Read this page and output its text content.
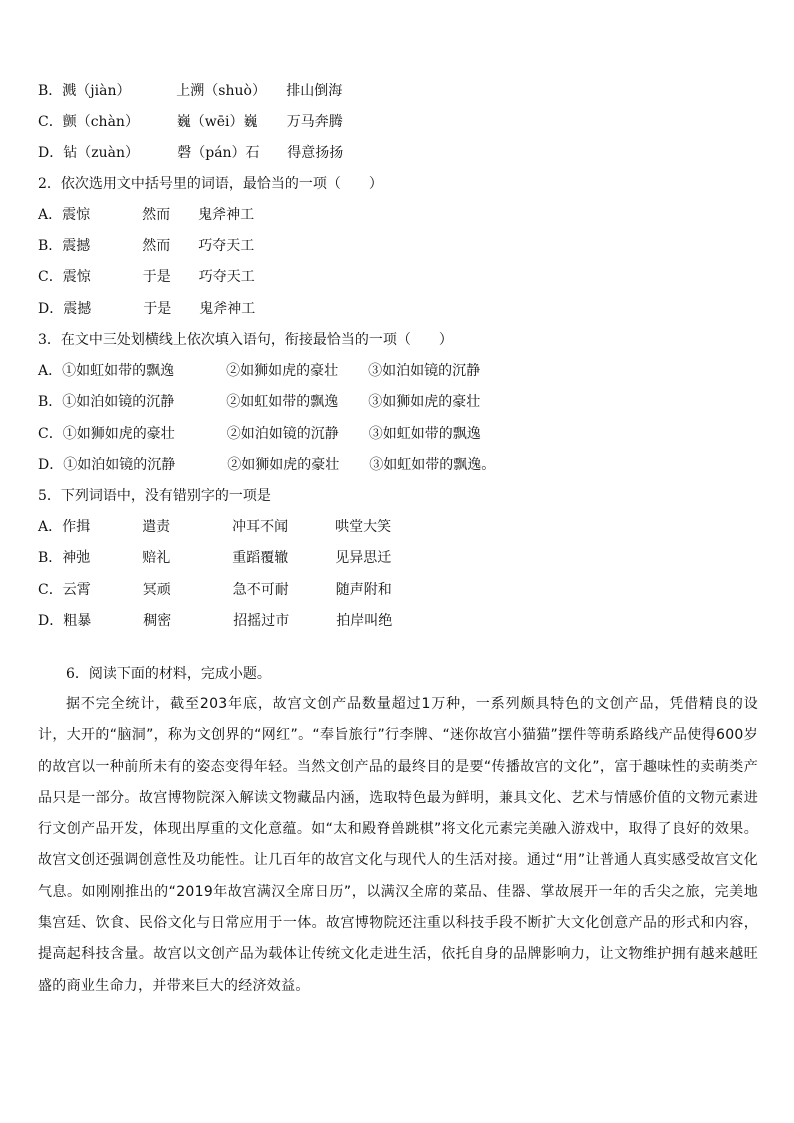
B．溅（jiàn）	上溯（shuò） 排山倒海
C．颤（chàn）	巍（wēi）巍 万马奔腾
D．钻（zuàn）	磬（pán）石 得意扬扬
2．依次选用文中括号里的词语，最恰当的一项（　　）
A．震惊	然而 鬼斧神工
B．震撼	然而 巧夺天工
C．震惊	于是 巧夺天工
D．震撼	于是 鬼斧神工
3．在文中三处划横线上依次填入语句，衔接最恰当的一项（　　）
A．①如虹如带的飘逸	②如狮如虎的豪壮 ③如泊如镜的沉静
B．①如泊如镜的沉静	②如虹如带的飘逸 ③如狮如虎的豪壮
C．①如狮如虎的豪壮	②如泊如镜的沉静 ③如虹如带的飘逸
D．①如泊如镜的沉静	②如狮如虎的豪壮 ③如虹如带的飘逸。
5．下列词语中，没有错别字的一项是
A．作揖	遣责	冲耳不闻	哄堂大笑
B．神弛	赔礼	重蹈覆辙	见异思迁
C．云霄	冥顽	急不可耐	随声附和
D．粗暴	稠密	招摇过市	拍岸叫绝
6．阅读下面的材料，完成小题。
据不完全统计，截至203年底，故宫文创产品数量超过1万种，一系列颇具特色的文创产品，凭借精良的设计，大开的“脑洞”，称为文创界的“网红”。“奉旨旅行”行李牌、“迷你故宫小猫猫”摆件等萌系路线产品使得600岁的故宫以一种前所未有的姿态变得年轻。当然文创产品的最终目的是要“传播故宫的文化”，富于趣味性的卖萌类产品只是一部分。故宫博物院深入解读文物藏品内涵，选取特色最为鲜明，兼具文化、艺术与情感价值的文物元素进行文创产品开发，体现出厚重的文化意蕴。如“太和殿脊兽跳棋”将文化元素完美融入游戏中，取得了良好的效果。故宫文创还强调创意性及功能性。让几百年的故宫文化与现代人的生活对接。通过“用”让普通人真实感受故宫文化气息。如刚刚推出的“2019年故宫满汉全席日历”，以满汉全席的菜品、佳器、掌故展开一年的舌尖之旅，完美地集宫廷、饮食、民俗文化与日常应用于一体。故宫博物院还注重以科技手段不断扩大文化创意产品的形式和内容，提高起科技含量。故宫以文创产品为载体让传统文化走进生活，依托自身的品牌影响力，让文物维护拥有越来越旺盛的商业生命力，并带来巨大的经济效益。
